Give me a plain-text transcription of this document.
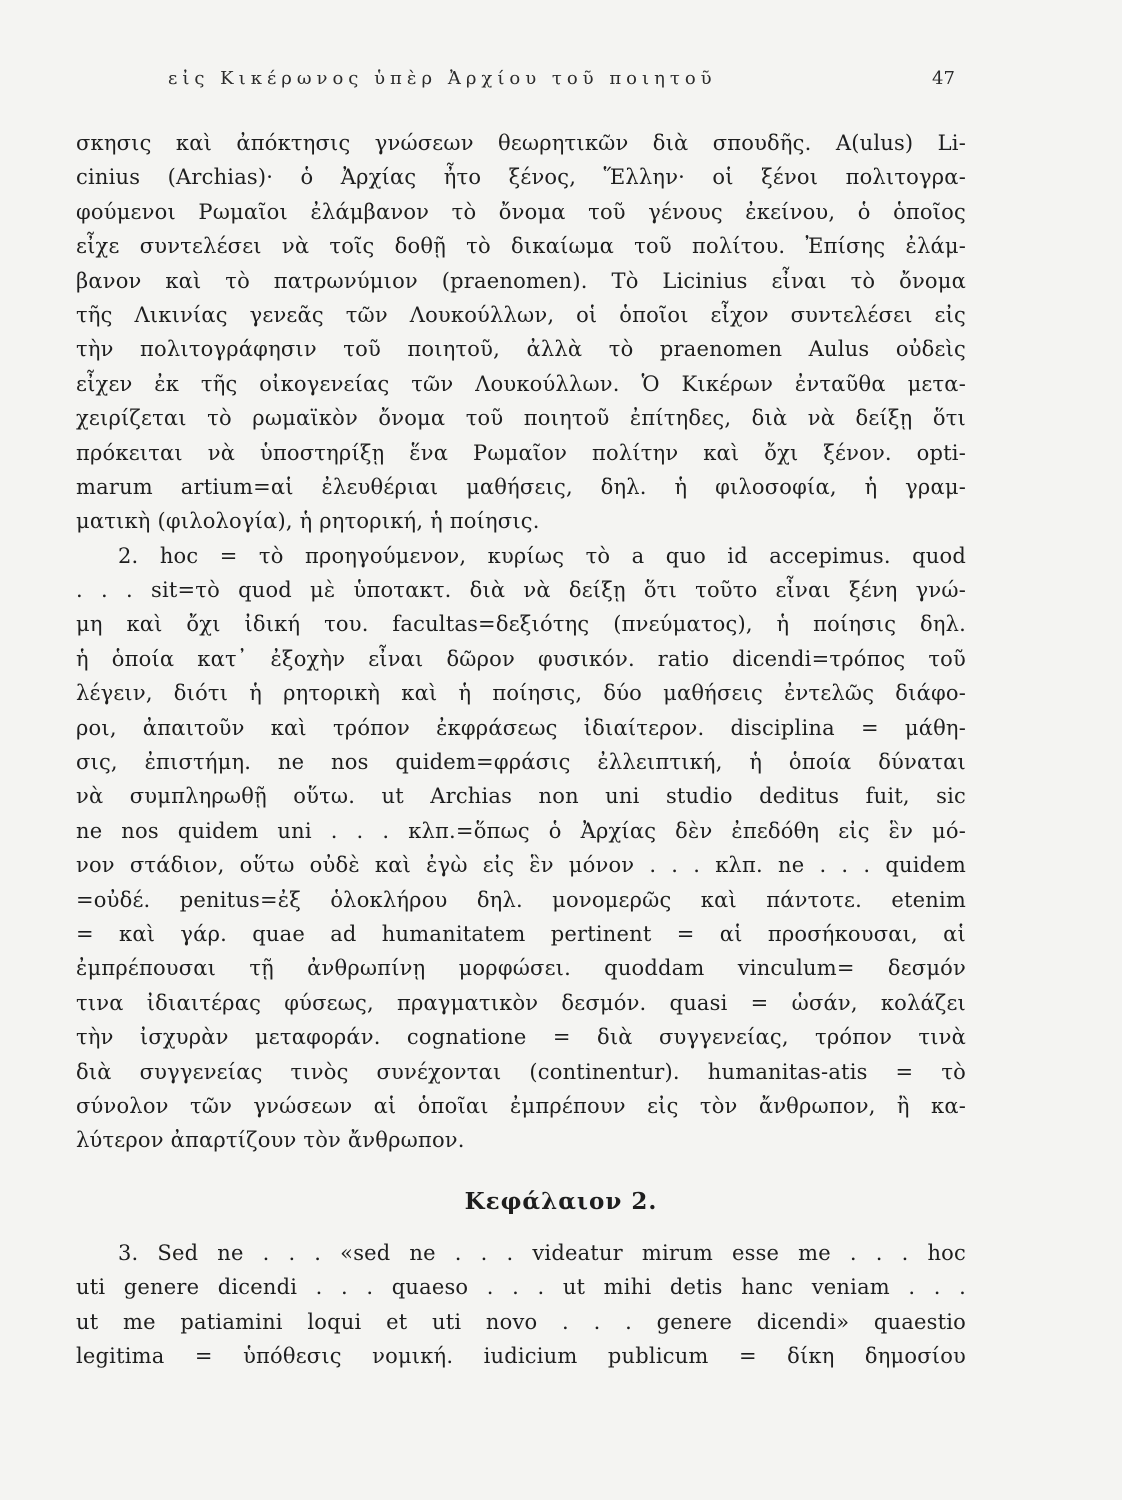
εἰς Κικέρωνος ὑπὲρ Ἀρχίου τοῦ ποιητοῦ	47
σκησις καὶ ἀπόκτησις γνώσεων θεωρητικῶν διὰ σπουδῆς. A(ulus) Li-
cinius (Archias)· ὁ Ἀρχίας ἦτο ξένος, Ἕλλην· οἱ ξένοι πολιτογρα-
φούμενοι Ρωμαῖοι ἐλάμβανον τὸ ὄνομα τοῦ γένους ἐκείνου, ὁ ὁποῖος
εἶχε συντελέσει νὰ τοῖς δοθῇ τὸ δικαίωμα τοῦ πολίτου. Ἐπίσης ἐλάμ-
βανον καὶ τὸ πατρωνύμιον (praenomen). Τὸ Licinius εἶναι τὸ ὄνομα
τῆς Λικινίας γενεᾶς τῶν Λουκούλλων, οἱ ὁποῖοι εἶχον συντελέσει εἰς
τὴν πολιτογράφησιν τοῦ ποιητοῦ, ἀλλὰ τὸ praenomen Aulus οὐδεὶς
εἶχεν ἐκ τῆς οἰκογενείας τῶν Λουκούλλων. Ὁ Κικέρων ἐνταῦθα μετα-
χειρίζεται τὸ ρωμαϊκὸν ὄνομα τοῦ ποιητοῦ ἐπίτηδες, διὰ νὰ δείξῃ ὅτι
πρόκειται νὰ ὑποστηρίξῃ ἕνα Ρωμαῖον πολίτην καὶ ὄχι ξένον. opti-
marum artium=αἱ ἐλευθέριαι μαθήσεις, δηλ. ἡ φιλοσοφία, ἡ γραμ-
ματικὴ (φιλολογία), ἡ ρητορική, ἡ ποίησις.
2. hoc = τὸ προηγούμενον, κυρίως τὸ a quo id accepimus. quod
. . . sit=τὸ quod μὲ ὑποτακτ. διὰ νὰ δείξῃ ὅτι τοῦτο εἶναι ξένη γνώ-
μη καὶ ὄχι ἰδική του. facultas=δεξιότης (πνεύματος), ἡ ποίησις δηλ.
ἡ ὁποία κατ᾽ ἐξοχὴν εἶναι δῶρον φυσικόν. ratio dicendi=τρόπος τοῦ
λέγειν, διότι ἡ ρητορικὴ καὶ ἡ ποίησις, δύο μαθήσεις ἐντελῶς διάφο-
ροι, ἀπαιτοῦν καὶ τρόπον ἐκφράσεως ἰδιαίτερον. disciplina = μάθη-
σις, ἐπιστήμη. ne nos quidem=φράσις ἐλλειπτική, ἡ ὁποία δύναται
νὰ συμπληρωθῇ οὕτω. ut Archias non uni studio deditus fuit, sic
ne nos quidem uni . . . κλπ.=ὅπως ὁ Ἀρχίας δὲν ἐπεδόθη εἰς ἓν μό-
νον στάδιον, οὕτω οὐδὲ καὶ ἐγὼ εἰς ἓν μόνον . . . κλπ. ne . . . quidem
=οὐδέ. penitus=ἐξ ὁλοκλήρου δηλ. μονομερῶς καὶ πάντοτε. etenim
= καὶ γάρ. quae ad humanitatem pertinent = αἱ προσήκουσαι, αἱ
ἐμπρέπουσαι τῇ ἀνθρωπίνῃ μορφώσει. quoddam vinculum= δεσμόν
τινα ἰδιαιτέρας φύσεως, πραγματικὸν δεσμόν. quasi = ὡσάν, κολάζει
τὴν ἰσχυρὰν μεταφοράν. cognatione = διὰ συγγενείας, τρόπον τινὰ
διὰ συγγενείας τινὸς συνέχονται (continentur). humanitas-atis = τὸ
σύνολον τῶν γνώσεων αἱ ὁποῖαι ἐμπρέπουν εἰς τὸν ἄνθρωπον, ἢ κα-
λύτερον ἀπαρτίζουν τὸν ἄνθρωπον.
Κεφάλαιον 2.
3. Sed ne . . . «sed ne . . . videatur mirum esse me . . . hoc
uti genere dicendi . . . quaeso . . . ut mihi detis hanc veniam . . .
ut me patiamini loqui et uti novo . . . genere dicendi» quaestio
legitima = ὑπόθεσις νομική. iudicium publicum = δίκη δημοσίου
